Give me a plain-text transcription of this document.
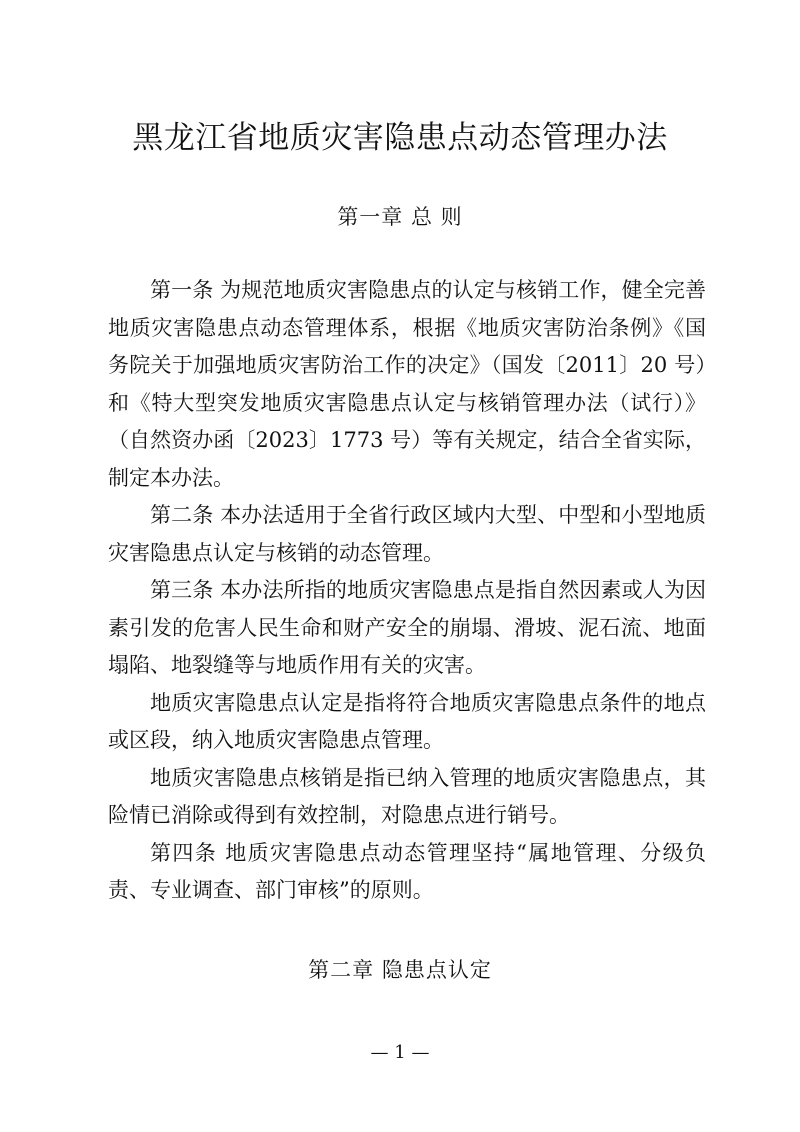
黑龙江省地质灾害隐患点动态管理办法
第一章 总 则

第一条 为规范地质灾害隐患点的认定与核销工作，健全完善地质灾害隐患点动态管理体系，根据《地质灾害防治条例》《国务院关于加强地质灾害防治工作的决定》（国发〔2011〕20 号）和《特大型突发地质灾害隐患点认定与核销管理办法（试行）》（自然资办函〔2023〕1773 号）等有关规定，结合全省实际，制定本办法。

第二条 本办法适用于全省行政区域内大型、中型和小型地质灾害隐患点认定与核销的动态管理。

第三条 本办法所指的地质灾害隐患点是指自然因素或人为因素引发的危害人民生命和财产安全的崩塌、滑坡、泥石流、地面塌陷、地裂缝等与地质作用有关的灾害。

地质灾害隐患点认定是指将符合地质灾害隐患点条件的地点或区段，纳入地质灾害隐患点管理。

地质灾害隐患点核销是指已纳入管理的地质灾害隐患点，其险情已消除或得到有效控制，对隐患点进行销号。

第四条 地质灾害隐患点动态管理坚持“属地管理、分级负责、专业调查、部门审核”的原则。

第二章 隐患点认定
— 1 —
